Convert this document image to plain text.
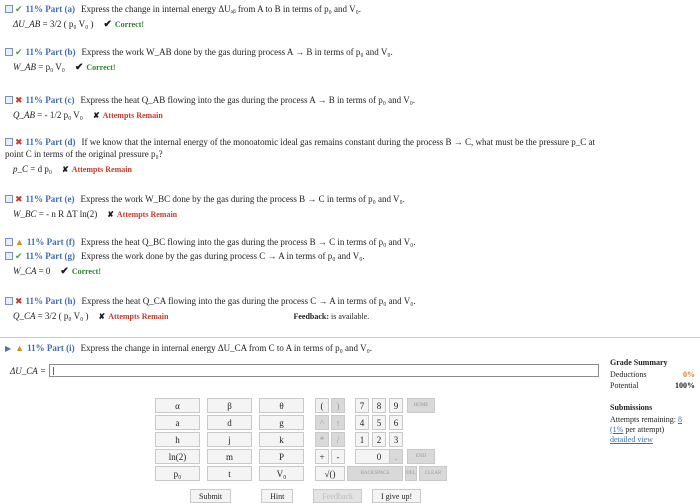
✔ 11% Part (a) Express the change in internal energy ΔUₐᵦ from A to B in terms of p₀ and V₀.
ΔU_AB = 3/2 ( p₀ V₀ ) ✔ Correct!
✔ 11% Part (b) Express the work W_AB done by the gas during process A → B in terms of p₀ and V₀.
W_AB = p₀ V₀ ✔ Correct!
✖ 11% Part (c) Express the heat Q_AB flowing into the gas during the process A → B in terms of p₀ and V₀.
Q_AB = - 1/2 p₀ V₀ ✘ Attempts Remain
✖ 11% Part (d) If we know that the internal energy of the monoatomic ideal gas remains constant during the process B → C, what must be the pressure p_C at
point C in terms of the original pressure p₀?
p_C = d p₀ ✘ Attempts Remain
✖ 11% Part (e) Express the work W_BC done by the gas during the process B → C in terms of p₀ and V₀.
W_BC = - n R ΔT ln(2) ✘ Attempts Remain
▲ 11% Part (f) Express the heat Q_BC flowing into the gas during the process B → C in terms of p₀ and V₀.
✔ 11% Part (g) Express the work done by the gas during process C → A in terms of p₀ and V₀.
W_CA = 0 ✔ Correct!
✖ 11% Part (h) Express the heat Q_CA flowing into the gas during the process C → A in terms of p₀ and V₀.
Q_CA = 3/2 ( p₀ V₀ ) ✘ Attempts Remain	Feedback: is available.
▶ ▲ 11% Part (i) Express the change in internal energy ΔU_CA from C to A in terms of p₀ and V₀.
ΔU_CA =
α	β	θ
a	d	g
h	j	k
ln(2)	m	P
p₀	t	V₀
(	)
^	↑
*	/
+	-
√()
7	8	9
4	5	6
1	2	3
0	.
HOME
END
BACKSPACE	DEL	CLEAR
Submit	Hint	Feedback	I give up!
Grade Summary
Deductions	0%
Potential	100%
Submissions
Attempts remaining:
8
(1%
per attempt)
detailed view
